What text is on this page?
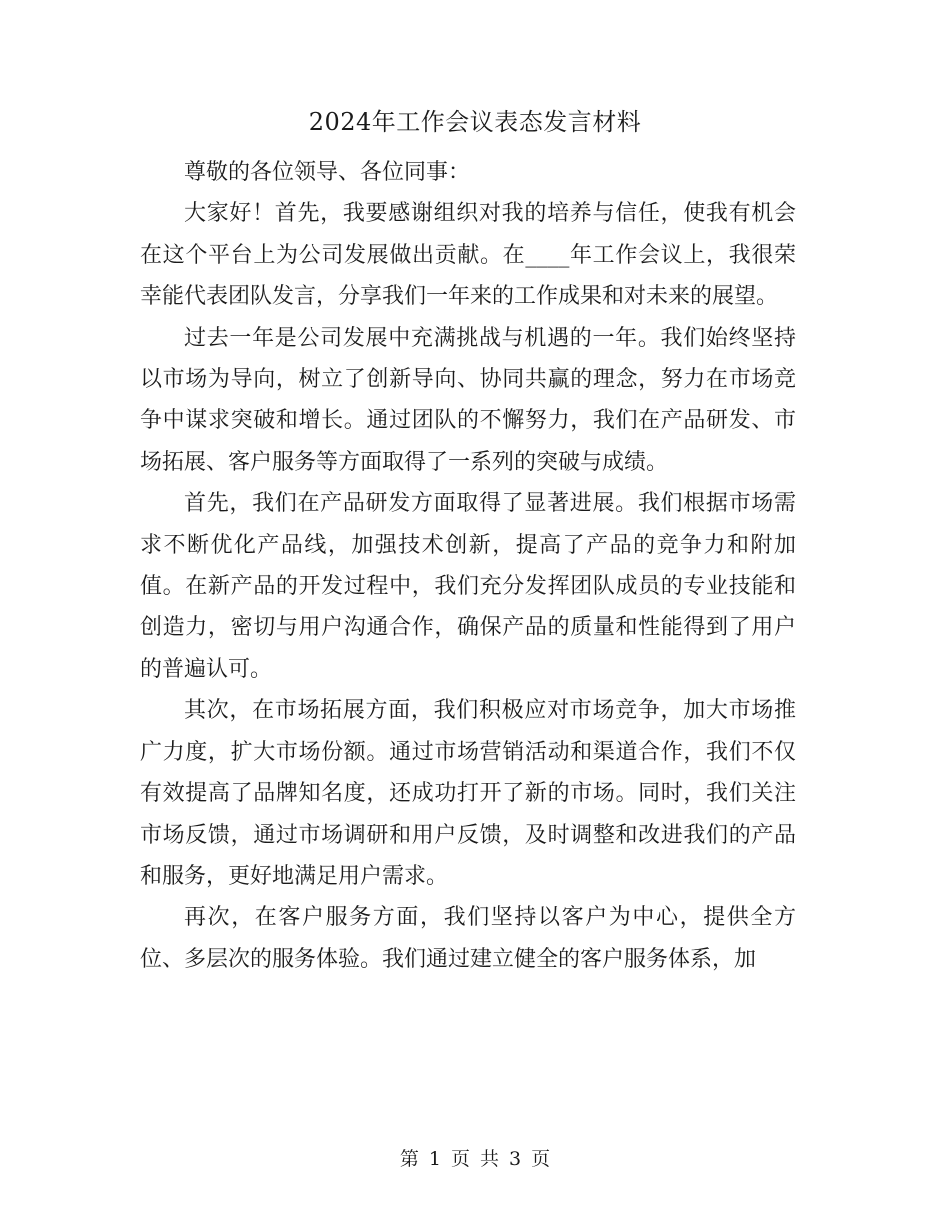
2024年工作会议表态发言材料

尊敬的各位领导、各位同事：

大家好！首先，我要感谢组织对我的培养与信任，使我有机会在这个平台上为公司发展做出贡献。在____年工作会议上，我很荣幸能代表团队发言，分享我们一年来的工作成果和对未来的展望。

过去一年是公司发展中充满挑战与机遇的一年。我们始终坚持以市场为导向，树立了创新导向、协同共赢的理念，努力在市场竞争中谋求突破和增长。通过团队的不懈努力，我们在产品研发、市场拓展、客户服务等方面取得了一系列的突破与成绩。

首先，我们在产品研发方面取得了显著进展。我们根据市场需求不断优化产品线，加强技术创新，提高了产品的竞争力和附加值。在新产品的开发过程中，我们充分发挥团队成员的专业技能和创造力，密切与用户沟通合作，确保产品的质量和性能得到了用户的普遍认可。

其次，在市场拓展方面，我们积极应对市场竞争，加大市场推广力度，扩大市场份额。通过市场营销活动和渠道合作，我们不仅有效提高了品牌知名度，还成功打开了新的市场。同时，我们关注市场反馈，通过市场调研和用户反馈，及时调整和改进我们的产品和服务，更好地满足用户需求。

再次，在客户服务方面，我们坚持以客户为中心，提供全方位、多层次的服务体验。我们通过建立健全的客户服务体系，加

第 1 页 共 3 页
